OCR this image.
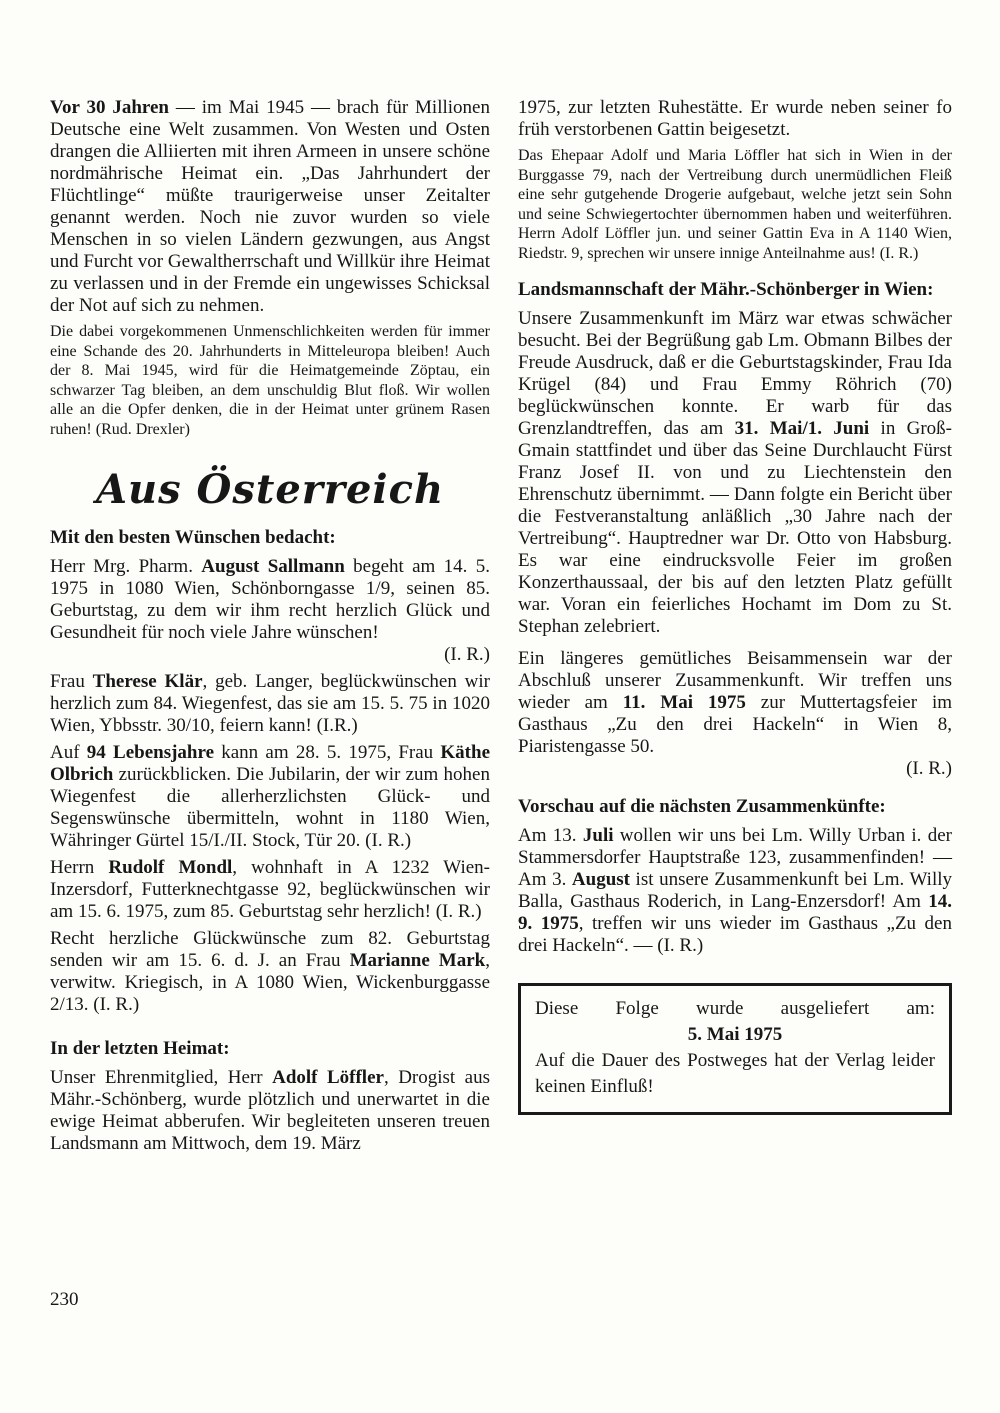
Vor 30 Jahren — im Mai 1945 — brach für Millionen Deutsche eine Welt zusammen. Von Westen und Osten drangen die Alliierten mit ihren Armeen in unsere schöne nordmährische Heimat ein. „Das Jahrhundert der Flüchtlinge“ müßte traurigerweise unser Zeitalter genannt werden. Noch nie zuvor wurden so viele Menschen in so vielen Ländern gezwungen, aus Angst und Furcht vor Gewaltherrschaft und Willkür ihre Heimat zu verlassen und in der Fremde ein ungewisses Schicksal der Not auf sich zu nehmen.
Die dabei vorgekommenen Unmenschlichkeiten werden für immer eine Schande des 20. Jahrhunderts in Mitteleuropa bleiben! Auch der 8. Mai 1945, wird für die Heimatgemeinde Zöptau, ein schwarzer Tag bleiben, an dem unschuldig Blut floß. Wir wollen alle an die Opfer denken, die in der Heimat unter grünem Rasen ruhen! (Rud. Drexler)
Aus Österreich
Mit den besten Wünschen bedacht:
Herr Mrg. Pharm. August Sallmann begeht am 14. 5. 1975 in 1080 Wien, Schönborngasse 1/9, seinen 85. Geburtstag, zu dem wir ihm recht herzlich Glück und Gesundheit für noch viele Jahre wünschen!
(I. R.)
Frau Therese Klär, geb. Langer, beglückwünschen wir herzlich zum 84. Wiegenfest, das sie am 15. 5. 75 in 1020 Wien, Ybbsstr. 30/10, feiern kann! (I.R.)
Auf 94 Lebensjahre kann am 28. 5. 1975, Frau Käthe Olbrich zurückblicken. Die Jubilarin, der wir zum hohen Wiegenfest die allerherzlichsten Glück- und Segenswünsche übermitteln, wohnt in 1180 Wien, Währinger Gürtel 15/I./II. Stock, Tür 20. (I. R.)
Herrn Rudolf Mondl, wohnhaft in A 1232 Wien-Inzersdorf, Futterknechtgasse 92, beglückwünschen wir am 15. 6. 1975, zum 85. Geburtstag sehr herzlich! (I. R.)
Recht herzliche Glückwünsche zum 82. Geburtstag senden wir am 15. 6. d. J. an Frau Marianne Mark, verwitw. Kriegisch, in A 1080 Wien, Wickenburggasse 2/13. (I. R.)
In der letzten Heimat:
Unser Ehrenmitglied, Herr Adolf Löffler, Drogist aus Mähr.-Schönberg, wurde plötzlich und unerwartet in die ewige Heimat abberufen. Wir begleiteten unseren treuen Landsmann am Mittwoch, dem 19. März
1975, zur letzten Ruhestätte. Er wurde neben seiner fo früh verstorbenen Gattin beigesetzt.
Das Ehepaar Adolf und Maria Löffler hat sich in Wien in der Burggasse 79, nach der Vertreibung durch unermüdlichen Fleiß eine sehr gutgehende Drogerie aufgebaut, welche jetzt sein Sohn und seine Schwiegertochter übernommen haben und weiterführen. Herrn Adolf Löffler jun. und seiner Gattin Eva in A 1140 Wien, Riedstr. 9, sprechen wir unsere innige Anteilnahme aus! (I. R.)
Landsmannschaft der Mähr.-Schönberger in Wien:
Unsere Zusammenkunft im März war etwas schwächer besucht. Bei der Begrüßung gab Lm. Obmann Bilbes der Freude Ausdruck, daß er die Geburtstagskinder, Frau Ida Krügel (84) und Frau Emmy Röhrich (70) beglückwünschen konnte. Er warb für das Grenzlandtreffen, das am 31. Mai/1. Juni in Groß-Gmain stattfindet und über das Seine Durchlaucht Fürst Franz Josef II. von und zu Liechtenstein den Ehrenschutz übernimmt. — Dann folgte ein Bericht über die Festveranstaltung anläßlich „30 Jahre nach der Vertreibung“. Hauptredner war Dr. Otto von Habsburg. Es war eine eindrucksvolle Feier im großen Konzerthaussaal, der bis auf den letzten Platz gefüllt war. Voran ein feierliches Hochamt im Dom zu St. Stephan zelebriert.
Ein längeres gemütliches Beisammensein war der Abschluß unserer Zusammenkunft. Wir treffen uns wieder am 11. Mai 1975 zur Muttertagsfeier im Gasthaus „Zu den drei Hackeln“ in Wien 8, Piaristengasse 50.
(I. R.)
Vorschau auf die nächsten Zusammenkünfte:
Am 13. Juli wollen wir uns bei Lm. Willy Urban i. der Stammersdorfer Hauptstraße 123, zusammenfinden! — Am 3. August ist unsere Zusammenkunft bei Lm. Willy Balla, Gasthaus Roderich, in Lang-Enzersdorf! Am 14. 9. 1975, treffen wir uns wieder im Gasthaus „Zu den drei Hackeln“. — (I. R.)
Diese Folge wurde ausgeliefert am:
5. Mai 1975
Auf die Dauer des Postweges hat der Verlag leider keinen Einfluß!
230
